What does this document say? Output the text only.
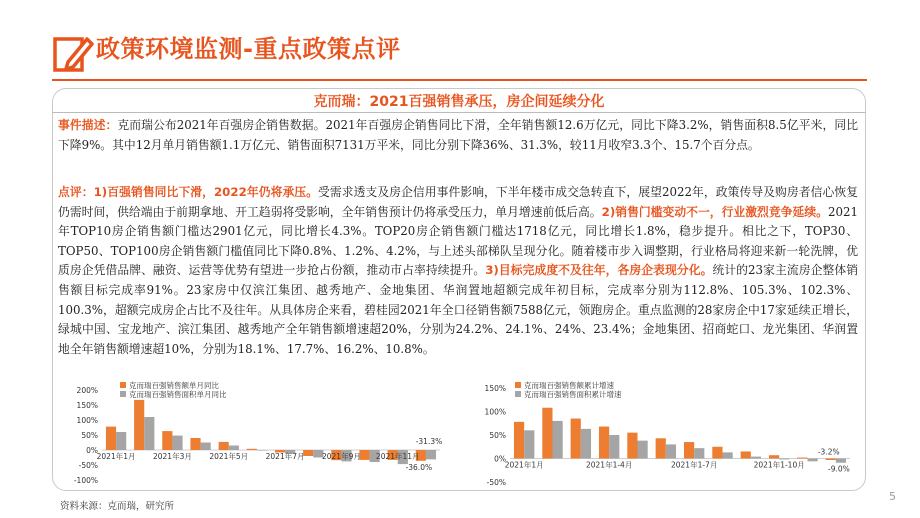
政策环境监测-重点政策点评
克而瑞：2021百强销售承压，房企间延续分化
事件描述：克而瑞公布2021年百强房企销售数据。2021年百强房企销售同比下滑，全年销售额12.6万亿元，同比下降3.2%，销售面积8.5亿平米，同比下降9%。其中12月单月销售额1.1万亿元、销售面积7131万平米，同比分别下降36%、31.3%，较11月收窄3.3个、15.7个百分点。
点评：1)百强销售同比下滑，2022年仍将承压。受需求透支及房企信用事件影响，下半年楼市成交急转直下，展望2022年，政策传导及购房者信心恢复仍需时间，供给端由于前期拿地、开工趋弱将受影响，全年销售预计仍将承受压力，单月增速前低后高。2)销售门槛变动不一，行业激烈竞争延续。2021年TOP10房企销售额门槛达2901亿元，同比增长4.3%。TOP20房企销售额门槛达1718亿元，同比增长1.8%，稳步提升。相比之下，TOP30、TOP50、TOP100房企销售额门槛值同比下降0.8%、1.2%、4.2%，与上述头部梯队呈现分化。随着楼市步入调整期，行业格局将迎来新一轮洗牌，优质房企凭借品牌、融资、运营等优势有望进一步抢占份额，推动市占率持续提升。3)目标完成度不及往年，各房企表现分化。统计的23家主流房企整体销售额目标完成率91%。23家房中仅滨江集团、越秀地产、金地集团、华润置地超额完成年初目标，完成率分别为112.8%、105.3%、102.3%、100.3%，超额完成房企占比不及往年。从具体房企来看，碧桂园2021年全口径销售额7588亿元，领跑房企。重点监测的28家房企中17家延续正增长，绿城中国、宝龙地产、滨江集团、越秀地产全年销售额增速超20%，分别为24.2%、24.1%、24%、23.4%；金地集团、招商蛇口、龙光集团、华润置地全年销售额增速超10%，分别为18.1%、17.7%、16.2%、10.8%。
200%
150%
100%
50%
0%
-50%
-100%
2021年1月 2021年3月 2021年5月 2021年7月 2021年9月 2021年11月
克而瑞百强销售额单月同比
克而瑞百强销售面积单月同比
-31.3%
-36.0%
150%
100%
50%
0%
-50%
2021年1月	2021年1-4月	2021年1-7月	2021年1-10月
克而瑞百强销售额累计增速
克而瑞百强销售面积累计增速
-3.2%
-9.0%
资料来源：克而瑞，研究所
5
